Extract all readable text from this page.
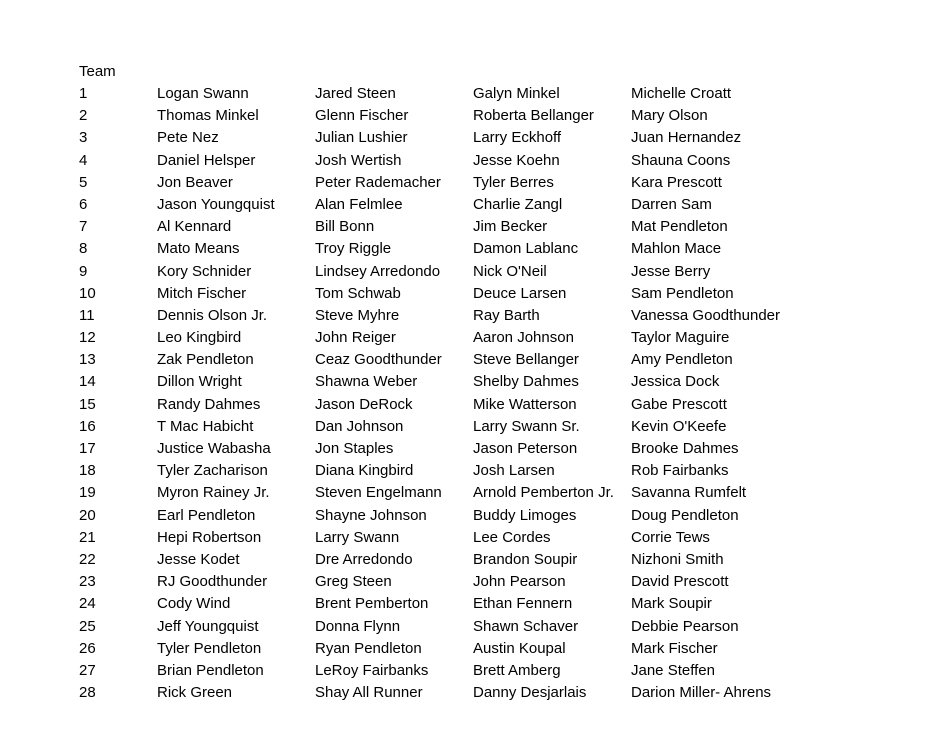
Team
1	Logan Swann	Jared Steen	Galyn Minkel	Michelle Croatt
2	Thomas Minkel	Glenn Fischer	Roberta Bellanger	Mary Olson
3	Pete Nez	Julian Lushier	Larry Eckhoff	Juan Hernandez
4	Daniel Helsper	Josh Wertish	Jesse Koehn	Shauna Coons
5	Jon Beaver	Peter Rademacher	Tyler Berres	Kara Prescott
6	Jason Youngquist	Alan Felmlee	Charlie Zangl	Darren Sam
7	Al Kennard	Bill Bonn	Jim Becker	Mat Pendleton
8	Mato Means	Troy Riggle	Damon Lablanc	Mahlon Mace
9	Kory Schnider	Lindsey Arredondo	Nick O'Neil	Jesse Berry
10	Mitch Fischer	Tom Schwab	Deuce Larsen	Sam Pendleton
11	Dennis Olson Jr.	Steve Myhre	Ray Barth	Vanessa Goodthunder
12	Leo Kingbird	John Reiger	Aaron Johnson	Taylor Maguire
13	Zak Pendleton	Ceaz Goodthunder	Steve Bellanger	Amy Pendleton
14	Dillon Wright	Shawna Weber	Shelby Dahmes	Jessica Dock
15	Randy Dahmes	Jason DeRock	Mike Watterson	Gabe Prescott
16	T Mac Habicht	Dan Johnson	Larry Swann Sr.	Kevin O'Keefe
17	Justice Wabasha	Jon Staples	Jason Peterson	Brooke Dahmes
18	Tyler Zacharison	Diana Kingbird	Josh Larsen	Rob Fairbanks
19	Myron Rainey Jr.	Steven Engelmann	Arnold Pemberton Jr.	Savanna Rumfelt
20	Earl Pendleton	Shayne Johnson	Buddy Limoges	Doug Pendleton
21	Hepi Robertson	Larry Swann	Lee Cordes	Corrie Tews
22	Jesse Kodet	Dre Arredondo	Brandon Soupir	Nizhoni Smith
23	RJ Goodthunder	Greg Steen	John Pearson	David Prescott
24	Cody Wind	Brent Pemberton	Ethan Fennern	Mark Soupir
25	Jeff Youngquist	Donna Flynn	Shawn Schaver	Debbie Pearson
26	Tyler Pendleton	Ryan Pendleton	Austin Koupal	Mark Fischer
27	Brian Pendleton	LeRoy Fairbanks	Brett Amberg	Jane Steffen
28	Rick Green	Shay All Runner	Danny Desjarlais	Darion Miller- Ahrens
